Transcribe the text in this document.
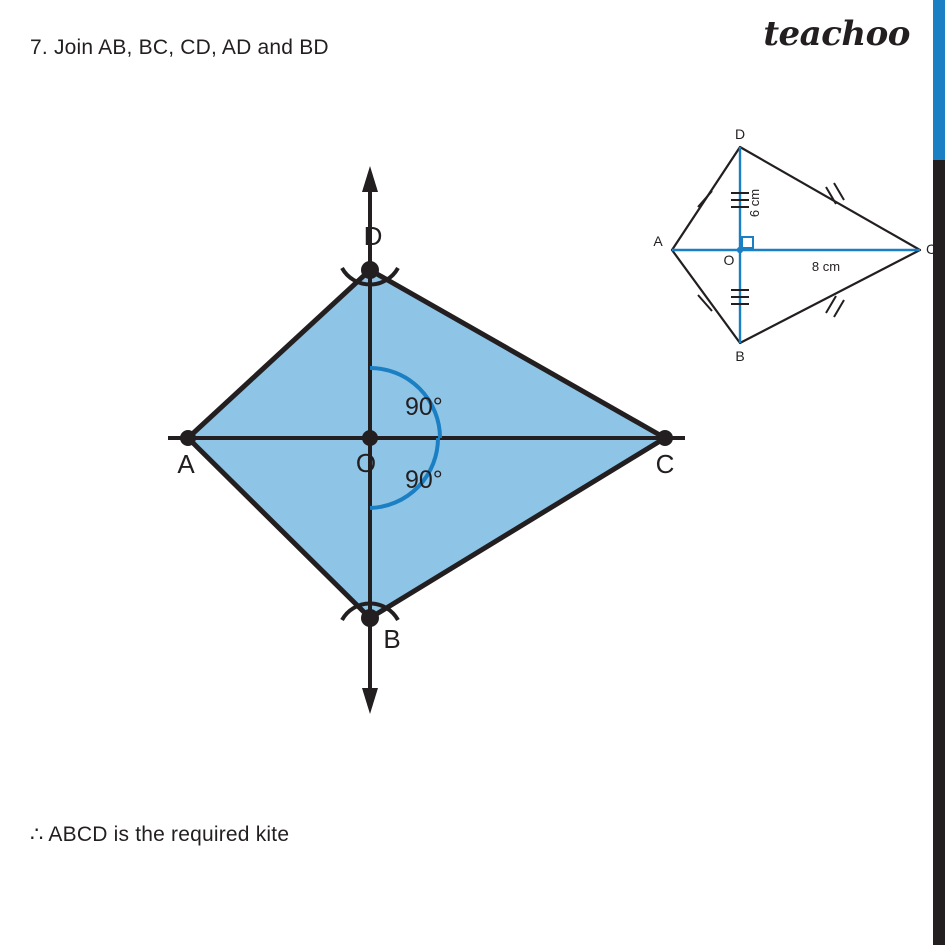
7. Join AB, BC, CD, AD and BD	teachoo
∴ ABCD is the required kite
D
A	C
O
B
90°
90°
D
A	C
B
O
6 cm
8 cm
